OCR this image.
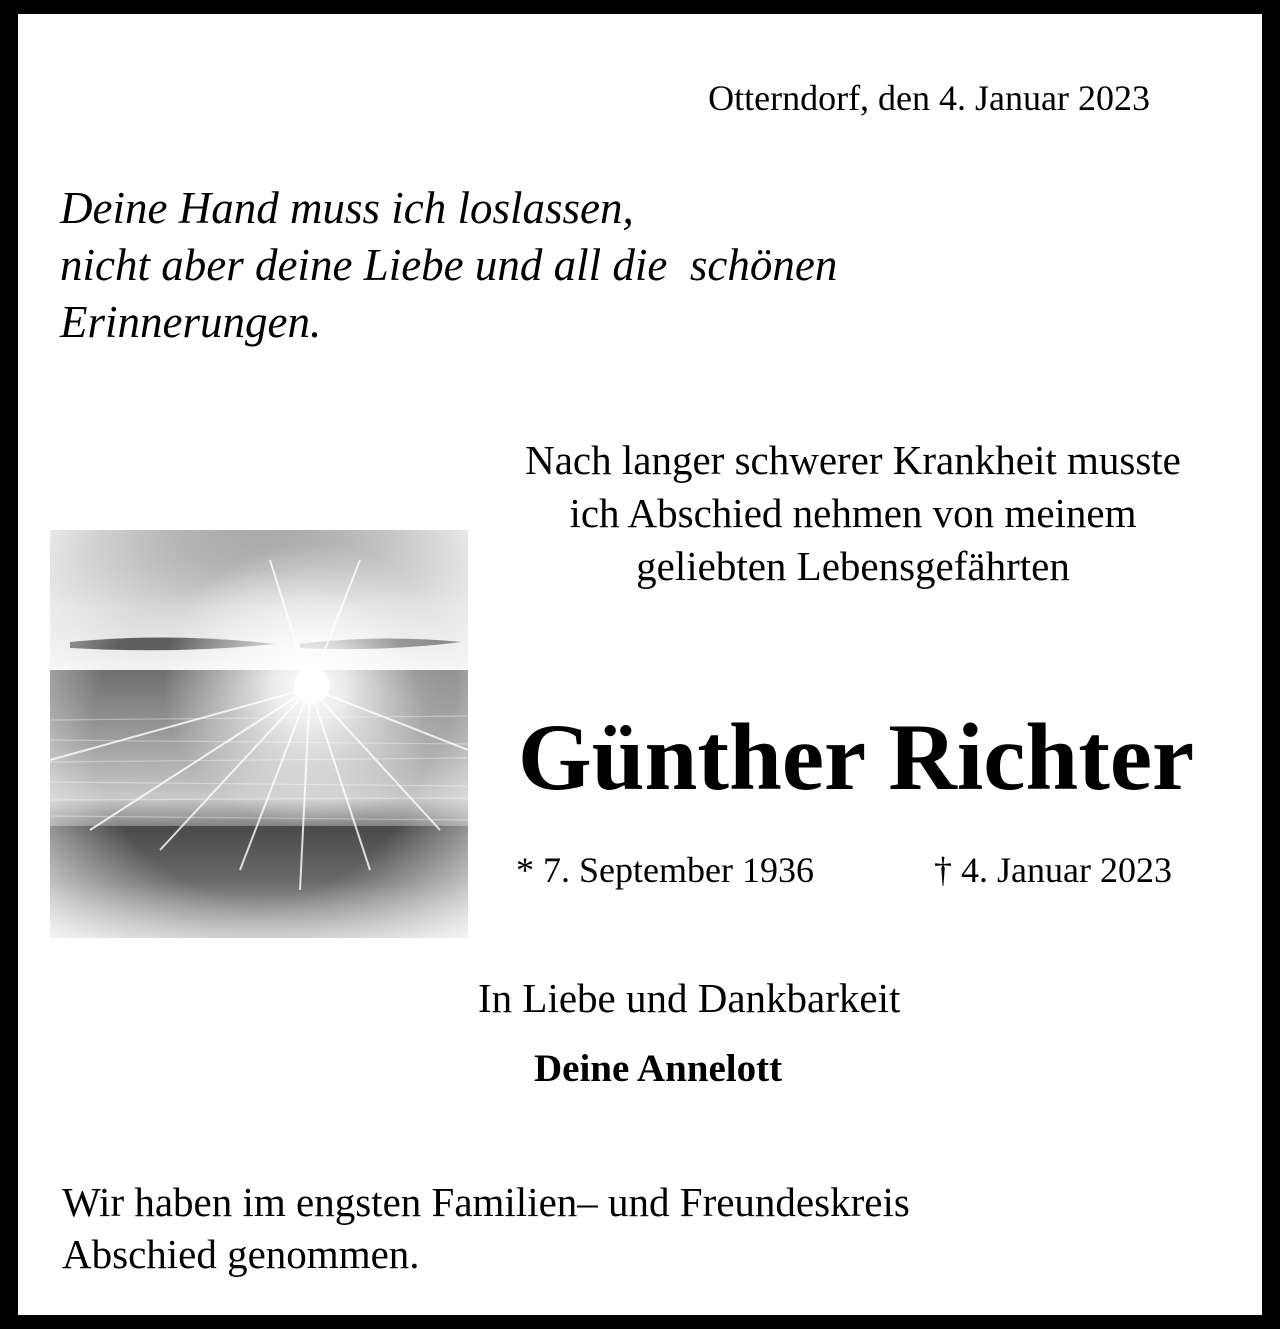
Otterndorf, den 4. Januar 2023
Deine Hand muss ich loslassen,
nicht aber deine Liebe und all die  schönen
Erinnerungen.
Nach langer schwerer Krankheit musste
ich Abschied nehmen von meinem
geliebten Lebensgefährten
Günther Richter
* 7. September 1936	† 4. Januar 2023
In Liebe und Dankbarkeit
Deine Annelott
Wir haben im engsten Familien– und Freundeskreis
Abschied genommen.
